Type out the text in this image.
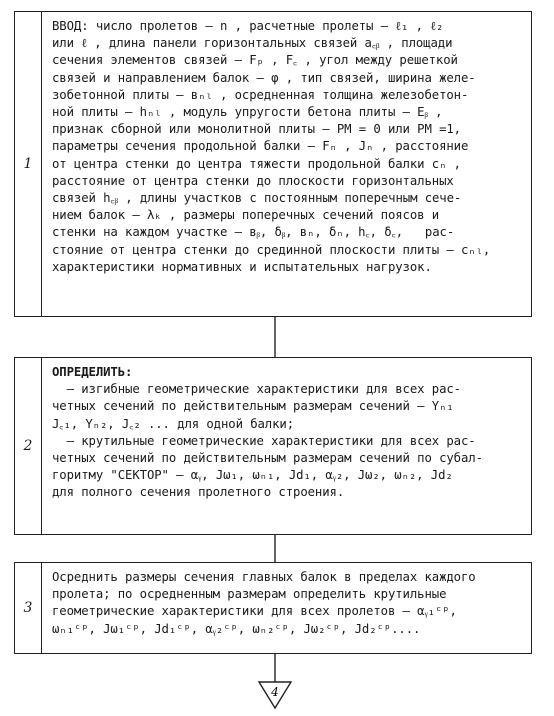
4
1
ВВОД: число пролетов – n , расчетные пролеты – ℓ₁ , ℓ₂
или ℓ , длина панели горизонтальных связей a꜀ᵦ , площади
сечения элементов связей – Fₚ , F꜀ , угол между решеткой
связей и направлением балок – φ , тип связей, ширина желе-
зобетонной плиты – вₙₗ , осредненная толщина железобетон-
ной плиты – hₙₗ , модуль упругости бетона плиты – Eᵦ ,
признак сборной или монолитной плиты – PM = 0 или PM =1,
параметры сечения продольной балки – Fₙ , Jₙ , расстояние
от центра стенки до центра тяжести продольной балки cₙ ,
расстояние от центра стенки до плоскости горизонтальных
связей h꜀ᵦ , длины участков с постоянным поперечным сече-
нием балок – λₖ , размеры поперечных сечений поясов и
стенки на каждом участке – вᵦ, δᵦ, вₙ, δₙ, h꜀, δ꜀,   рас-
стояние от центра стенки до срединной плоскости плиты – cₙₗ,
характеристики нормативных и испытательных нагрузок.
2
ОПРЕДЕЛИТЬ:
– изгибные геометрические характеристики для всех рас-
четных сечений по действительным размерам сечений – Yₙ₁
J꜀₁, Yₙ₂, J꜀₂ ... для одной балки;
– крутильные геометрические характеристики для всех рас-
четных сечений по действительным размерам сечений по субал-
горитму "СЕКТОР" – αᵧ, Jω₁, ωₙ₁, Jd₁, αᵧ₂, Jω₂, ωₙ₂, Jd₂
для полного сечения пролетного строения.
3
Осреднить размеры сечения главных балок в пределах каждого
пролета; по осредненным размерам определить крутильные
геометрические характеристики для всех пролетов – αᵧ₁ᶜᵖ,
ωₙ₁ᶜᵖ, Jω₁ᶜᵖ, Jd₁ᶜᵖ, αᵧ₂ᶜᵖ, ωₙ₂ᶜᵖ, Jω₂ᶜᵖ, Jd₂ᶜᵖ....
